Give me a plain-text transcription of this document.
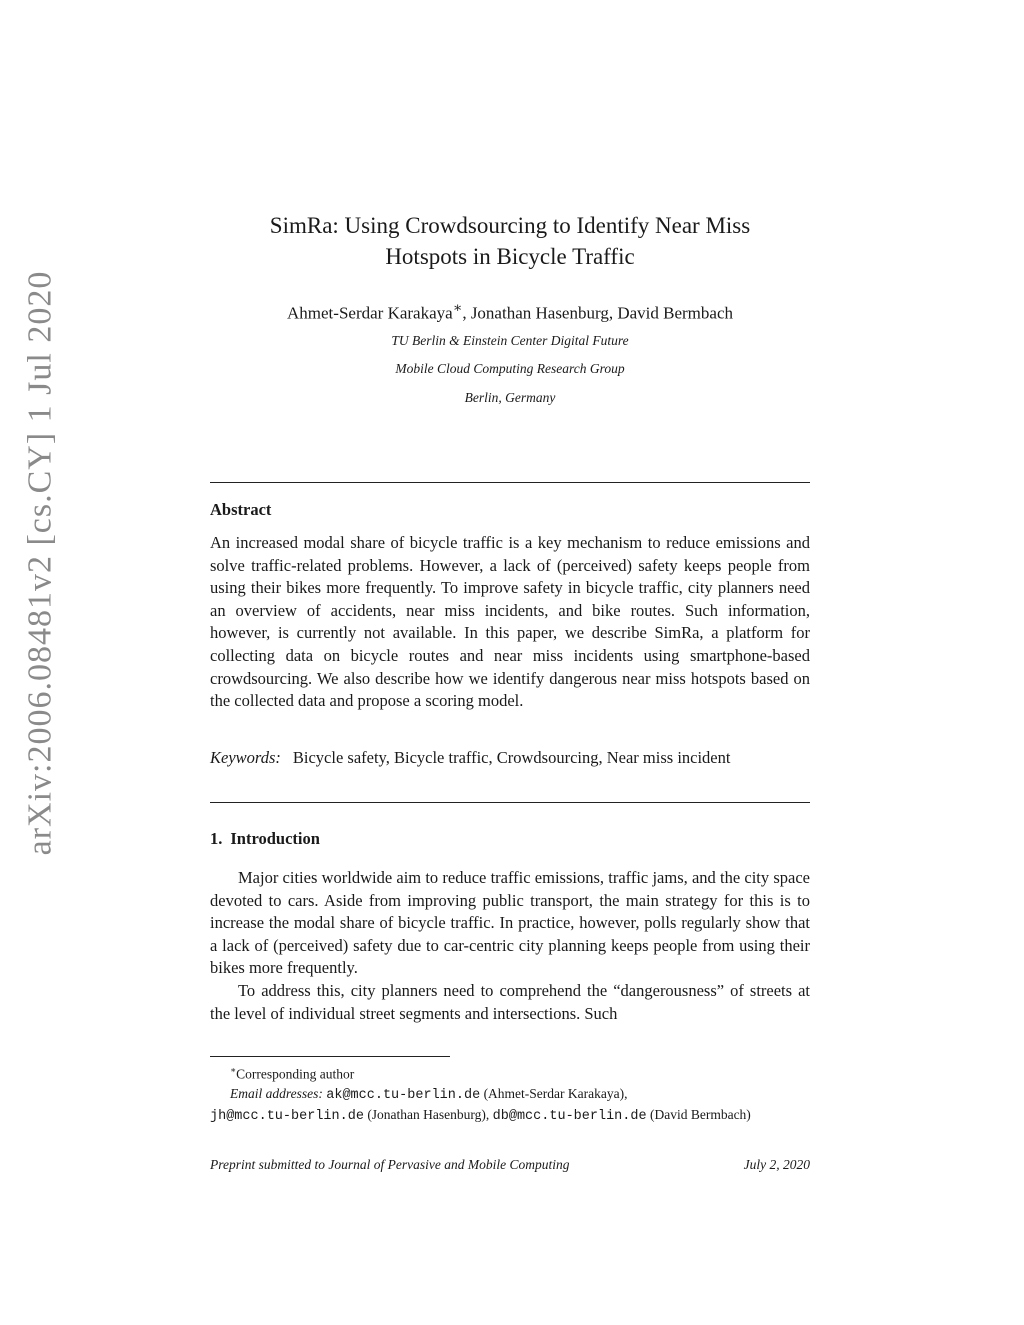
arXiv:2006.08481v2 [cs.CY] 1 Jul 2020
SimRa: Using Crowdsourcing to Identify Near Miss
Hotspots in Bicycle Traffic
Ahmet-Serdar Karakaya∗, Jonathan Hasenburg, David Bermbach
TU Berlin & Einstein Center Digital Future
Mobile Cloud Computing Research Group
Berlin, Germany
Abstract
An increased modal share of bicycle traffic is a key mechanism to reduce emissions and solve traffic-related problems. However, a lack of (perceived) safety keeps people from using their bikes more frequently. To improve safety in bicycle traffic, city planners need an overview of accidents, near miss incidents, and bike routes. Such information, however, is currently not available. In this paper, we describe SimRa, a platform for collecting data on bicycle routes and near miss incidents using smartphone-based crowdsourcing. We also describe how we identify dangerous near miss hotspots based on the collected data and propose a scoring model.
Keywords: Bicycle safety, Bicycle traffic, Crowdsourcing, Near miss incident
1. Introduction

Major cities worldwide aim to reduce traffic emissions, traffic jams, and the city space devoted to cars. Aside from improving public transport, the main strategy for this is to increase the modal share of bicycle traffic. In practice, however, polls regularly show that a lack of (perceived) safety due to car-centric city planning keeps people from using their bikes more frequently.

To address this, city planners need to comprehend the “dangerousness” of streets at the level of individual street segments and intersections. Such

∗Corresponding author
Email addresses: ak@mcc.tu-berlin.de (Ahmet-Serdar Karakaya),
jh@mcc.tu-berlin.de (Jonathan Hasenburg), db@mcc.tu-berlin.de (David Bermbach)
Preprint submitted to Journal of Pervasive and Mobile Computing	July 2, 2020
